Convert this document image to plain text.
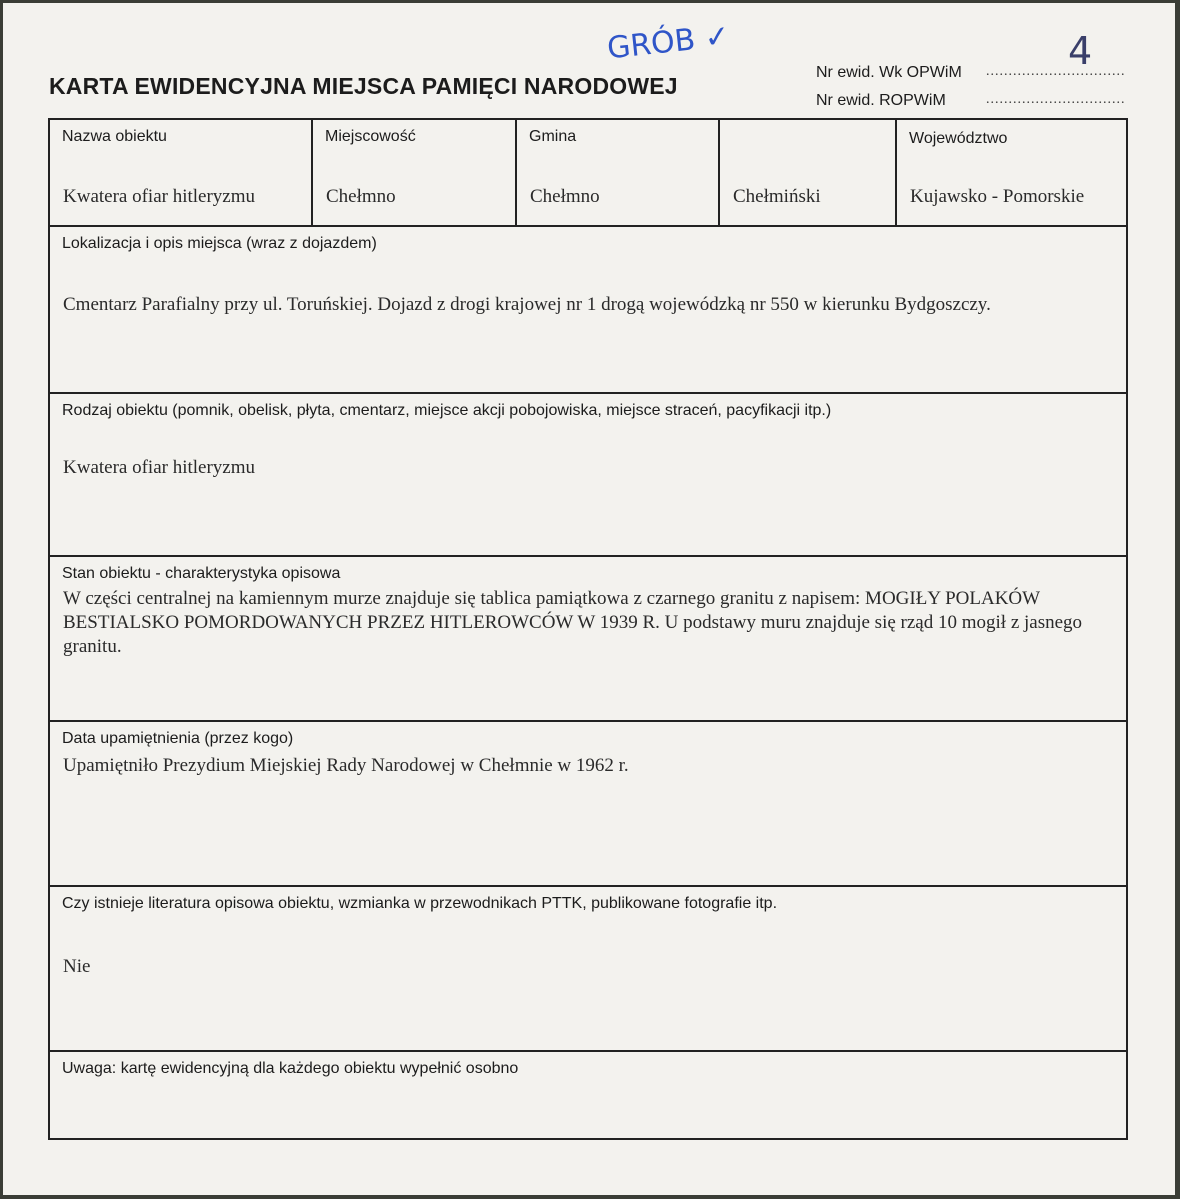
KARTA EWIDENCYJNA MIEJSCA PAMIĘCI NARODOWEJ
GRÓB ✓
Nr ewid. Wk OPWiM ...............................
4
Nr ewid. ROPWiM	...............................
Nazwa obiektu
Kwatera ofiar hitleryzmu
Miejscowość
Chełmno
Gmina
Chełmno	Chełmiński
Województwo
Kujawsko - Pomorskie
Lokalizacja i opis miejsca (wraz z dojazdem)
Cmentarz Parafialny przy ul. Toruńskiej. Dojazd z drogi krajowej nr 1 drogą wojewódzką nr 550 w kierunku Bydgoszczy.
Rodzaj obiektu (pomnik, obelisk, płyta, cmentarz, miejsce akcji pobojowiska, miejsce straceń, pacyfikacji itp.)
Kwatera ofiar hitleryzmu
Stan obiektu - charakterystyka opisowa
W części centralnej na kamiennym murze znajduje się tablica pamiątkowa z czarnego granitu z napisem: MOGIŁY POLAKÓW BESTIALSKO POMORDOWANYCH PRZEZ HITLEROWCÓW W 1939 R. U podstawy muru znajduje się rząd 10 mogił z jasnego granitu.
Data upamiętnienia (przez kogo)
Upamiętniło Prezydium Miejskiej Rady Narodowej w Chełmnie w 1962 r.
Czy istnieje literatura opisowa obiektu, wzmianka w przewodnikach PTTK, publikowane fotografie itp.
Nie
Uwaga: kartę ewidencyjną dla każdego obiektu wypełnić osobno
